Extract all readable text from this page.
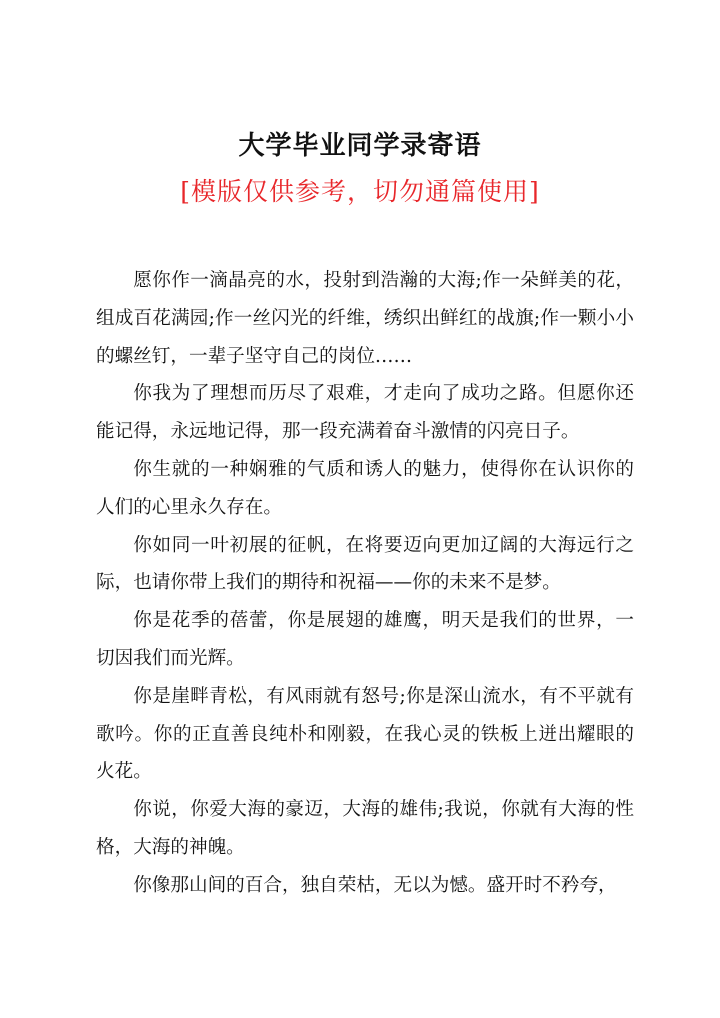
大学毕业同学录寄语
[模版仅供参考，切勿通篇使用]

愿你作一滴晶亮的水，投射到浩瀚的大海;作一朵鲜美的花，组成百花满园;作一丝闪光的纤维，绣织出鲜红的战旗;作一颗小小的螺丝钉，一辈子坚守自己的岗位……

你我为了理想而历尽了艰难，才走向了成功之路。但愿你还能记得，永远地记得，那一段充满着奋斗激情的闪亮日子。

你生就的一种娴雅的气质和诱人的魅力，使得你在认识你的人们的心里永久存在。

你如同一叶初展的征帆，在将要迈向更加辽阔的大海远行之际，也请你带上我们的期待和祝福——你的未来不是梦。

你是花季的蓓蕾，你是展翅的雄鹰，明天是我们的世界，一切因我们而光辉。

你是崖畔青松，有风雨就有怒号;你是深山流水，有不平就有歌吟。你的正直善良纯朴和刚毅，在我心灵的铁板上迸出耀眼的火花。

你说，你爱大海的豪迈，大海的雄伟;我说，你就有大海的性格，大海的神魄。

你像那山间的百合，独自荣枯，无以为憾。盛开时不矜夸，
